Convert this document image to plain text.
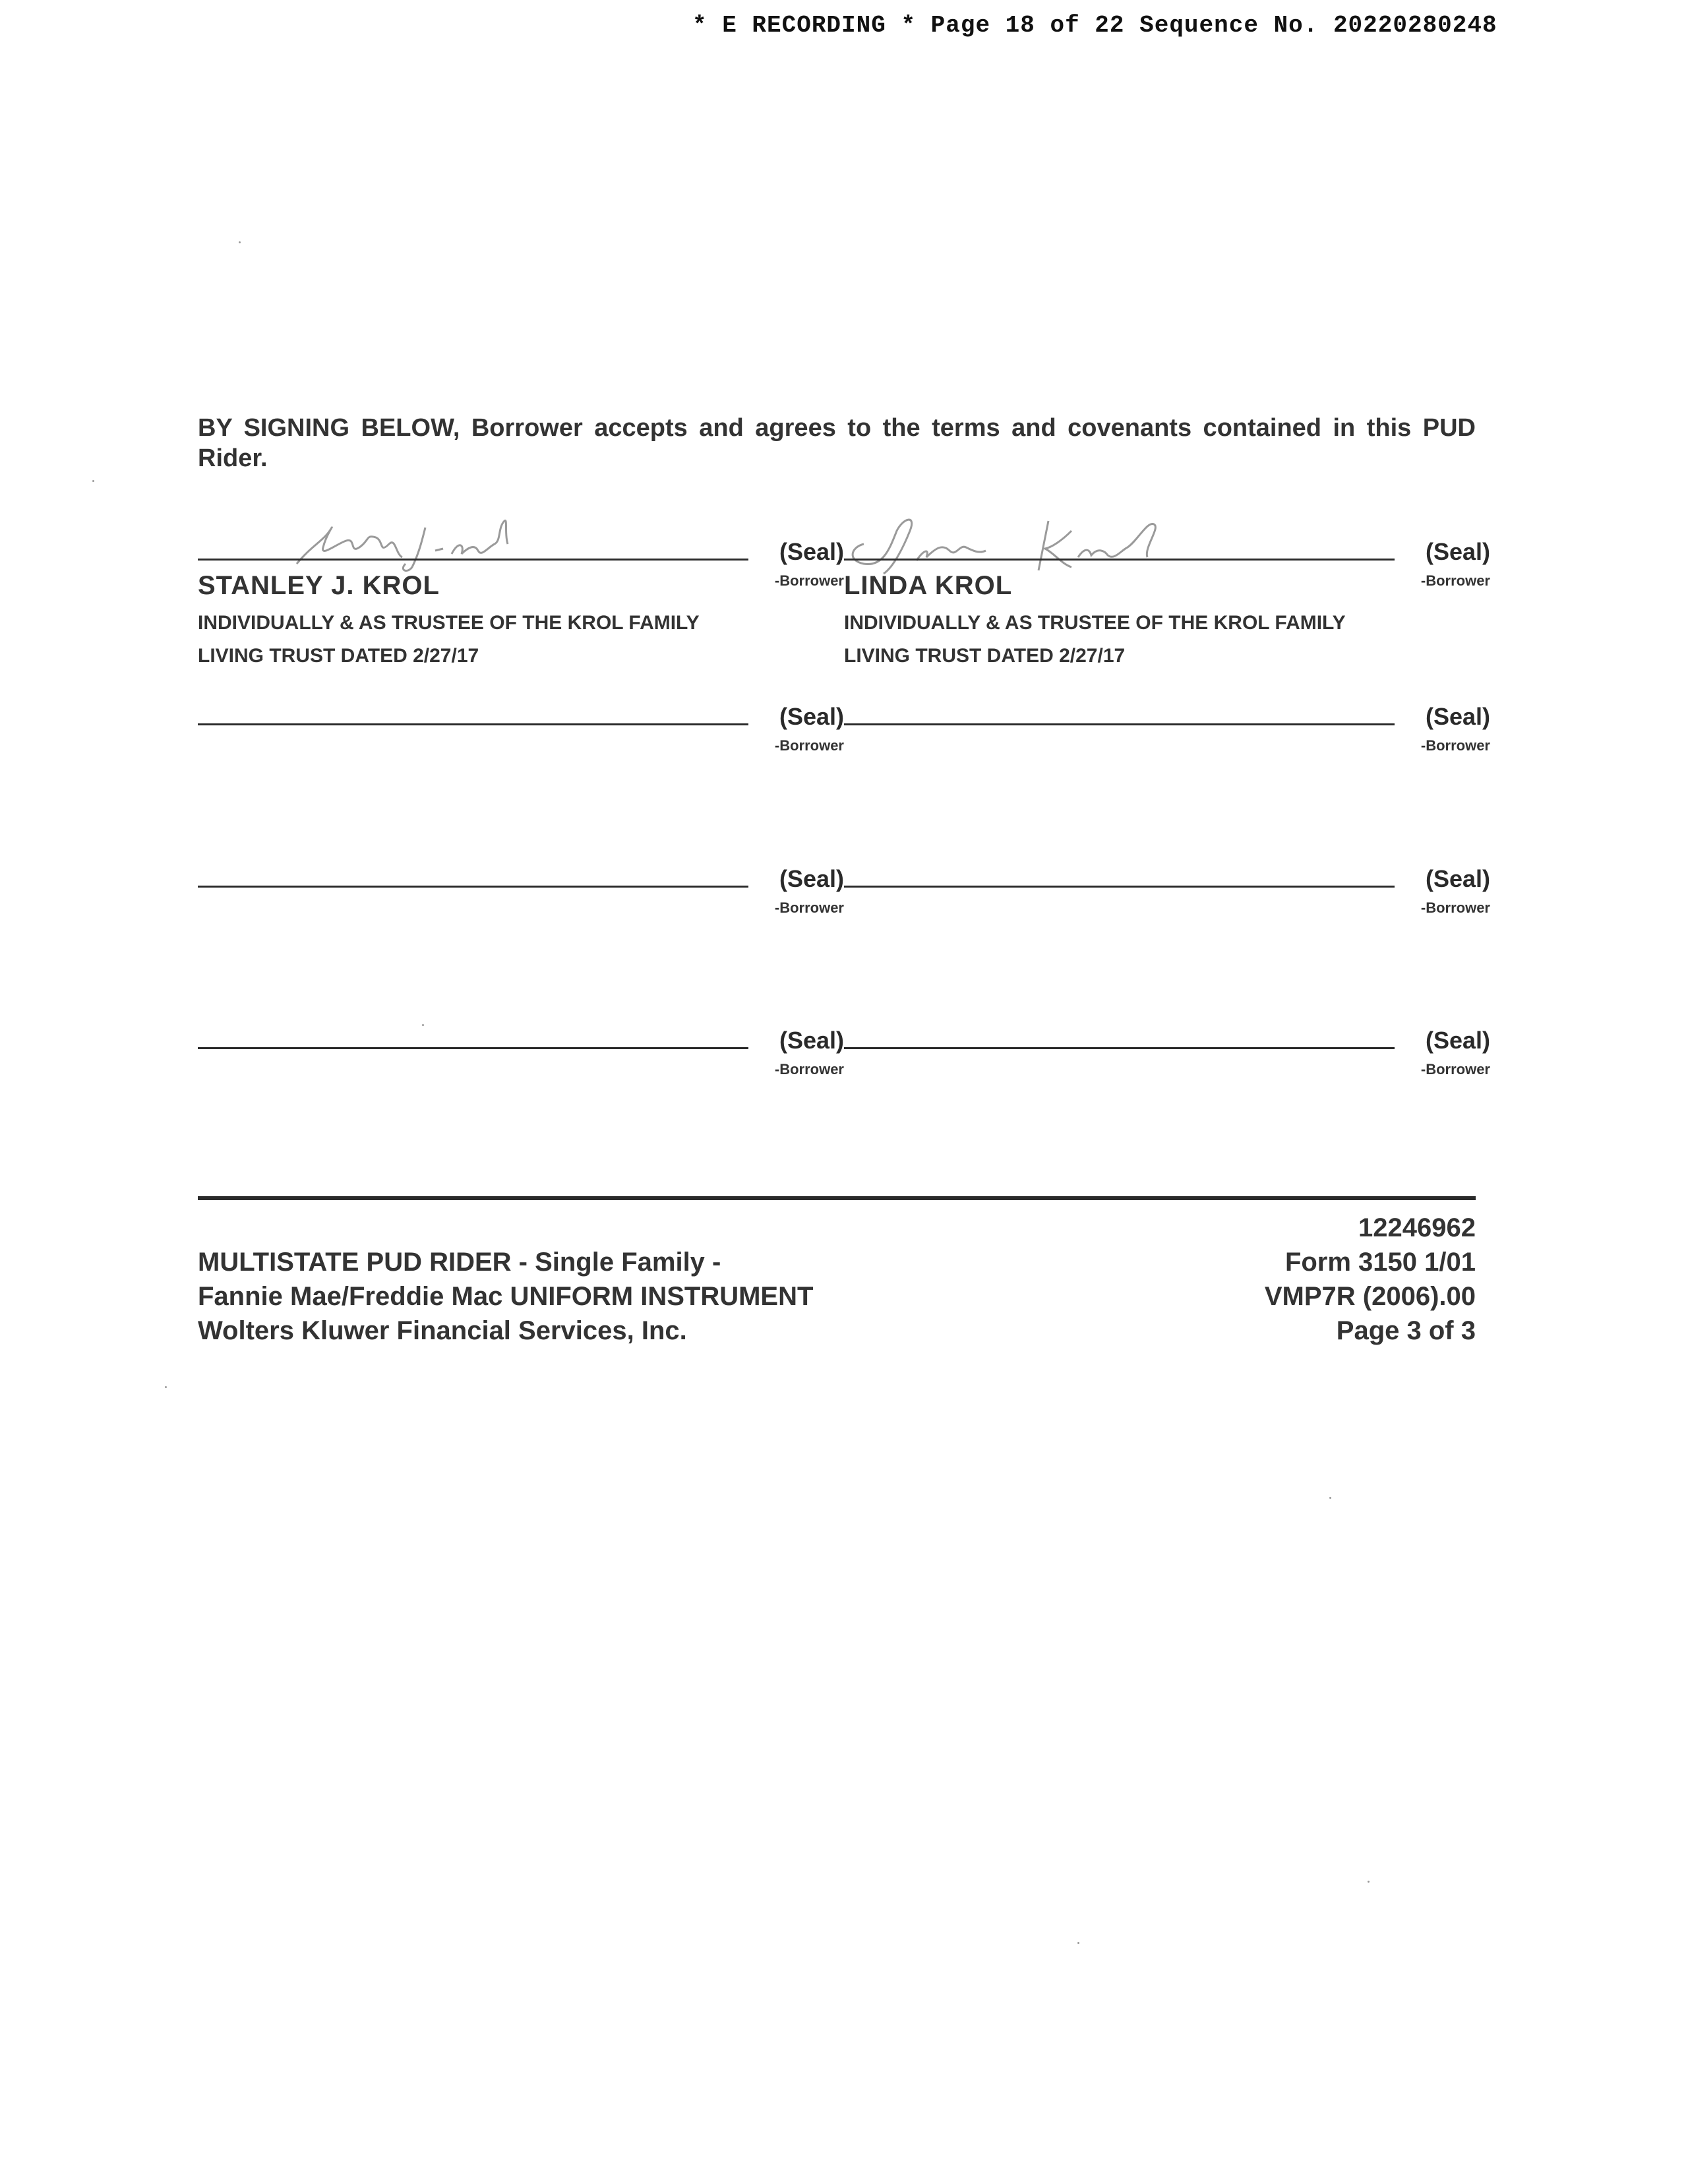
* E RECORDING * Page 18 of 22 Sequence No. 20220280248
BY SIGNING BELOW, Borrower accepts and agrees to the terms and covenants contained in this PUD Rider.
(Seal)
-Borrower
STANLEY J. KROL
INDIVIDUALLY & AS TRUSTEE OF THE KROL FAMILY
LIVING TRUST DATED 2/27/17
(Seal)
-Borrower
LINDA KROL
INDIVIDUALLY & AS TRUSTEE OF THE KROL FAMILY
LIVING TRUST DATED 2/27/17
(Seal)
-Borrower
(Seal)
-Borrower
(Seal)
-Borrower
(Seal)
-Borrower
(Seal)
-Borrower
(Seal)
-Borrower
MULTISTATE PUD RIDER - Single Family -
Fannie Mae/Freddie Mac UNIFORM INSTRUMENT
Wolters Kluwer Financial Services, Inc.
12246962
Form 3150 1/01
VMP7R (2006).00
Page 3 of 3
